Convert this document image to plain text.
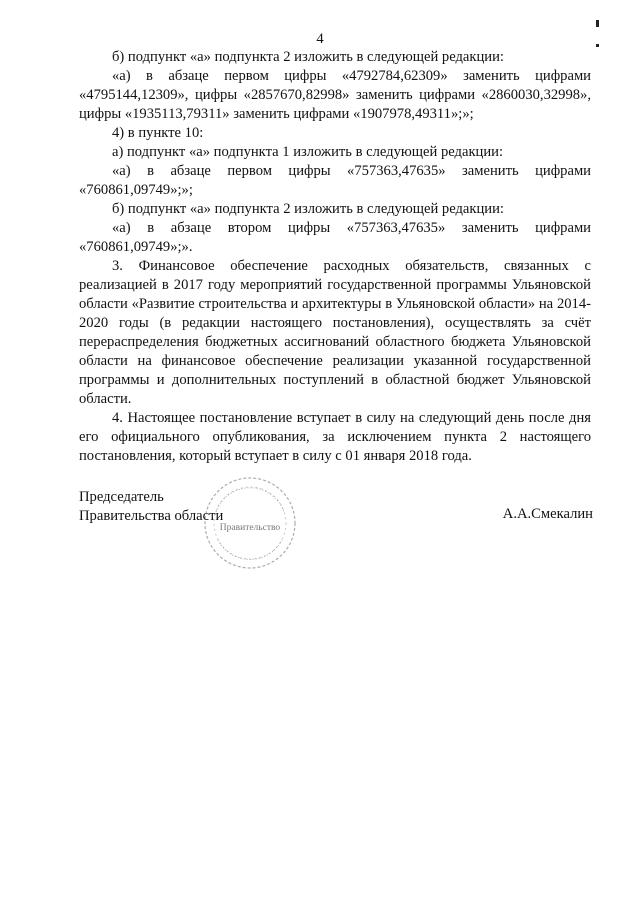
4

б) подпункт «а» подпункта 2 изложить в следующей редакции:

«а) в абзаце первом цифры «4792784,62309» заменить цифрами «4795144,12309», цифры «2857670,82998» заменить цифрами «2860030,32998», цифры «1935113,79311» заменить цифрами «1907978,49311»;»;

4) в пункте 10:

а) подпункт «а» подпункта 1 изложить в следующей редакции:

«а) в абзаце первом цифры «757363,47635» заменить цифрами «760861,09749»;»;

б) подпункт «а» подпункта 2 изложить в следующей редакции:

«а) в абзаце втором цифры «757363,47635» заменить цифрами «760861,09749»;».

3. Финансовое обеспечение расходных обязательств, связанных с реализацией в 2017 году мероприятий государственной программы Ульяновской области «Развитие строительства и архитектуры в Ульяновской области» на 2014-2020 годы (в редакции настоящего постановления), осуществлять за счёт перераспределения бюджетных ассигнований областного бюджета Ульяновской области на финансовое обеспечение реализации указанной государственной программы и дополнительных поступлений в областной бюджет Ульяновской области.

4. Настоящее постановление вступает в силу на следующий день после дня его официального опубликования, за исключением пункта 2 настоящего постановления, который вступает в силу с 01 января 2018 года.

Председатель
Правительства области	А.А.Смекалин
Правительство
